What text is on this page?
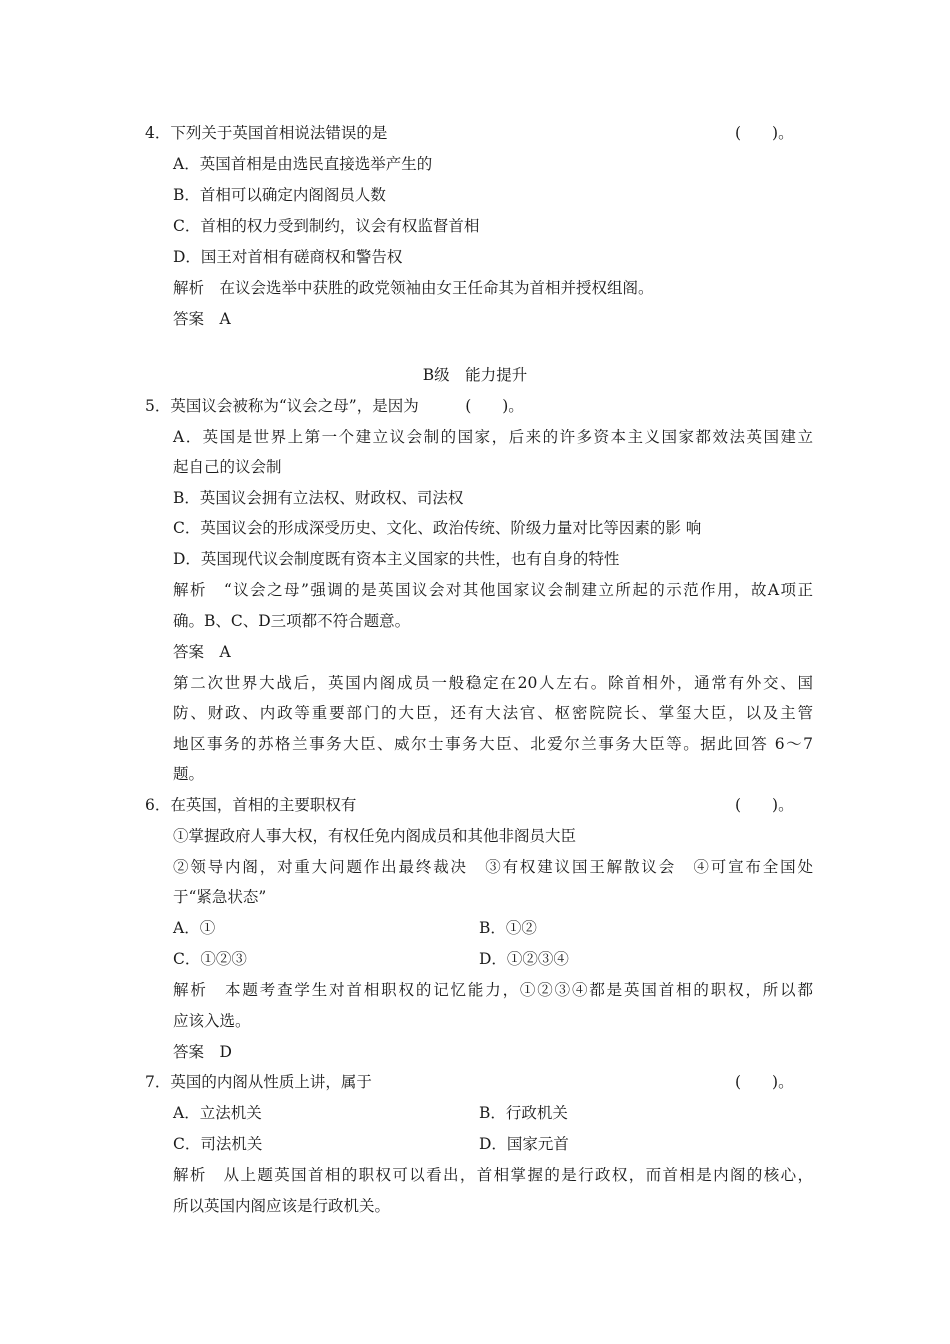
4．下列关于英国首相说法错误的是	(　　)。
A．英国首相是由选民直接选举产生的
B．首相可以确定内阁阁员人数
C．首相的权力受到制约，议会有权监督首相
D．国王对首相有磋商权和警告权
解析　在议会选举中获胜的政党领袖由女王任命其为首相并授权组阁。
答案　A
B级　能力提升
5．英国议会被称为“议会之母”，是因为　　　(　　)。
A．英国是世界上第一个建立议会制的国家，后来的许多资本主义国家都效法英国建立
起自己的议会制
B．英国议会拥有立法权、财政权、司法权
C．英国议会的形成深受历史、文化、政治传统、阶级力量对比等因素的影 响
D．英国现代议会制度既有资本主义国家的共性，也有自身的特性
解析　“议会之母”强调的是英国议会对其他国家议会制建立所起的示范作用，故A项正
确。B、C、D三项都不符合题意。
答案　A
第二次世界大战后，英国内阁成员一般稳定在20人左右。除首相外，通常有外交、国
防、财政、内政等重要部门的大臣，还有大法官、枢密院院长、掌玺大臣，以及主管
地区事务的苏格兰事务大臣、威尔士事务大臣、北爱尔兰事务大臣等。据此回答 6～7
题。
6．在英国，首相的主要职权有	(　　)。
①掌握政府人事大权，有权任免内阁成员和其他非阁员大臣
②领导内阁，对重大问题作出最终裁决　③有权建议国王解散议会　④可宣布全国处
于“紧急状态”
A．①	B．①②
C．①②③	D．①②③④
解析　本题考查学生对首相职权的记忆能力，①②③④都是英国首相的职权，所以都
应该入选。
答案　D
7．英国的内阁从性质上讲，属于	(　　)。
A．立法机关	B．行政机关
C．司法机关	D．国家元首
解析　从上题英国首相的职权可以看出，首相掌握的是行政权，而首相是内阁的核心，
所以英国内阁应该是行政机关。
